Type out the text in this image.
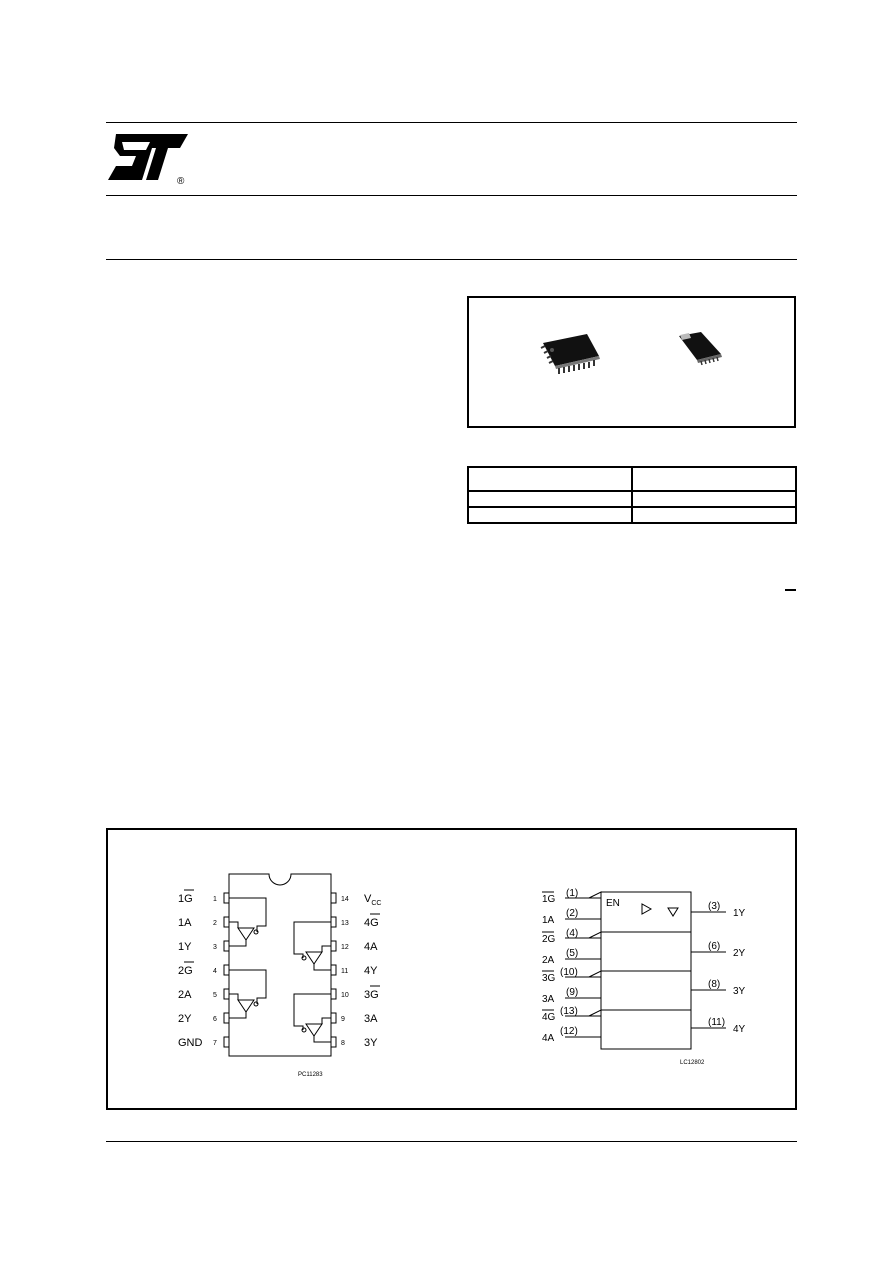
®

1G
1A
1Y
2G
2A
2Y
GND
1
2
3
4
5
6
7
14
13
12
11
10
9
8
$V_{CC}$
4G
4A
4Y
3G
3A
3Y
PC11283
1G
1A
2G
2A
3G
3A
4G
4A
(1)
(2)
(4)
(5)
(10)
(9)
(13)
(12)
EN	(3)
(6)
(8)
(11)
1Y
2Y
3Y
4Y
LC12802
